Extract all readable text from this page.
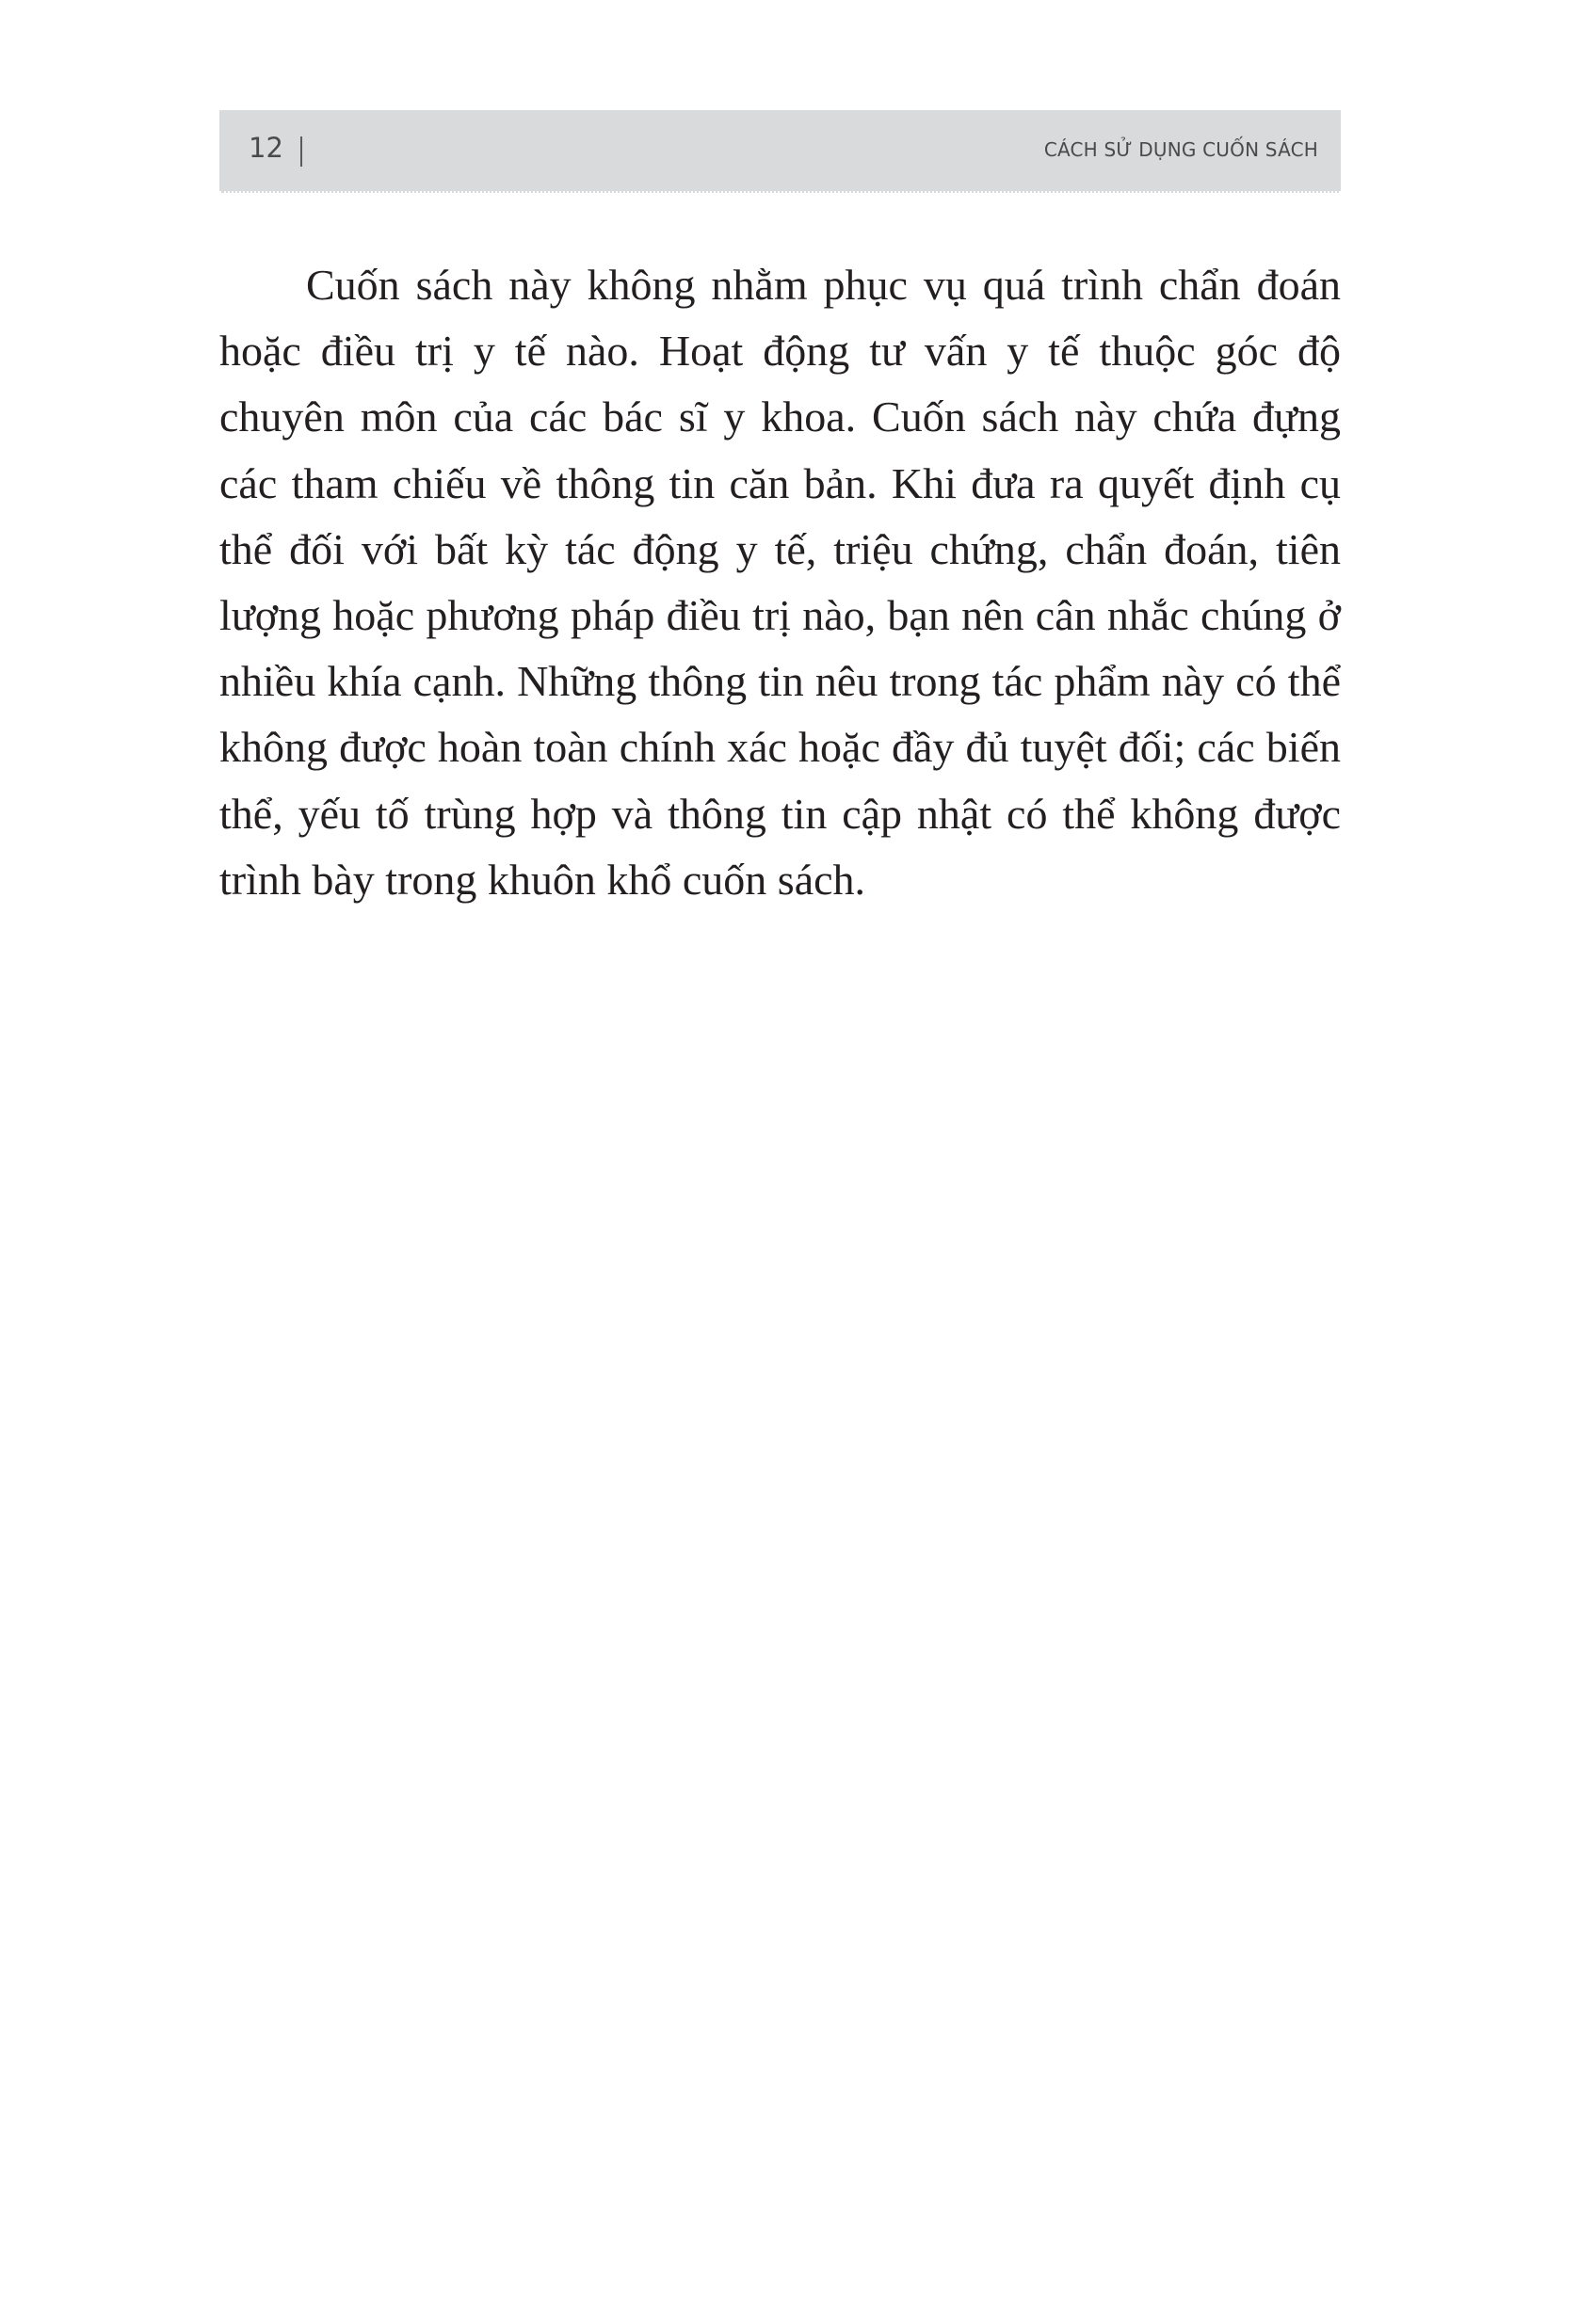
12	CÁCH SỬ DỤNG CUỐN SÁCH

Cuốn sách này không nhằm phục vụ quá trình chẩn đoán hoặc điều trị y tế nào. Hoạt động tư vấn y tế thuộc góc độ chuyên môn của các bác sĩ y khoa. Cuốn sách này chứa đựng các tham chiếu về thông tin căn bản. Khi đưa ra quyết định cụ thể đối với bất kỳ tác động y tế, triệu chứng, chẩn đoán, tiên lượng hoặc phương pháp điều trị nào, bạn nên cân nhắc chúng ở nhiều khía cạnh. Những thông tin nêu trong tác phẩm này có thể không được hoàn toàn chính xác hoặc đầy đủ tuyệt đối; các biến thể, yếu tố trùng hợp và thông tin cập nhật có thể không được trình bày trong khuôn khổ cuốn sách.
